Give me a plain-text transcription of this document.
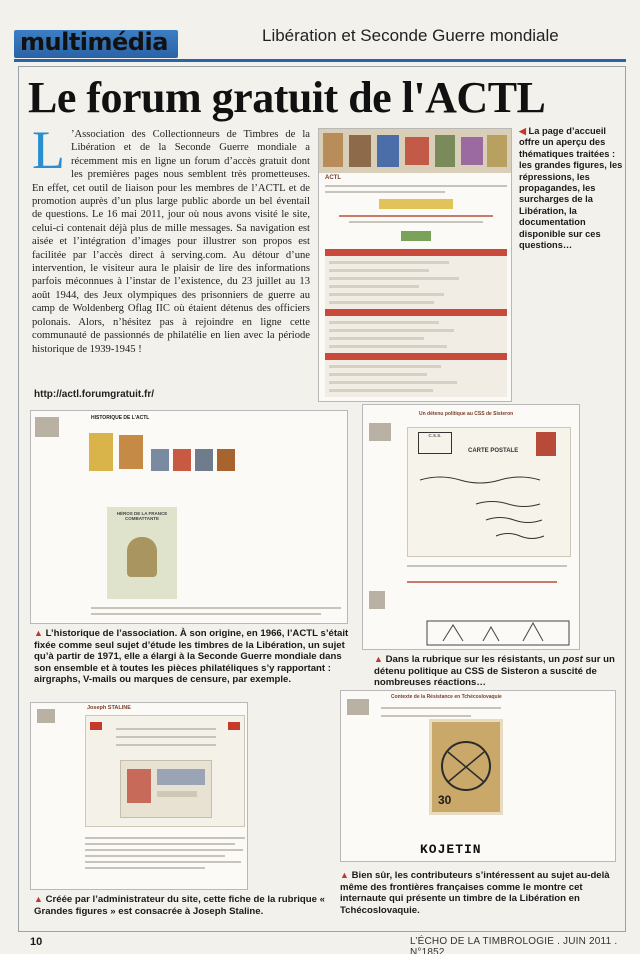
multimédia	Libération et Seconde Guerre mondiale
Le forum gratuit de l'ACTL
L ’Association des Collectionneurs de Timbres de la Libération et de la Seconde Guerre mondiale a récemment mis en ligne un forum d’accès gratuit dont les premières pages nous semblent très prometteuses. En effet, cet outil de liaison pour les membres de l’ACTL et de promotion auprès d’un plus large public aborde un bel éventail de questions. Le 16 mai 2011, jour où nous avons visité le site, celui-ci contenait déjà plus de mille messages. Sa navigation est aisée et l’intégration d’images pour illustrer son propos est facilitée par l’accès direct à serving.com. Au détour d’une intervention, le visiteur aura le plaisir de lire des informations parfois méconnues à l’instar de l’existence, du 23 juillet au 13 août 1944, des Jeux olympiques des prisonniers de guerre au camp de Woldenberg Oflag IIC où étaient détenus des officiers polonais. Alors, n’hésitez pas à rejoindre en ligne cette communauté de passionnés de philatélie en lien avec la période historique de 1939-1945 !
http://actl.forumgratuit.fr/
ACTL
◀ La page d’accueil offre un aperçu des thématiques traitées : les grandes figures, les répressions, les propagandes, les surcharges de la Libération, la documentation disponible sur ces questions…
HISTORIQUE DE L'ACTL
HÉROS DE LA FRANCE COMBATTANTE
▲ L’historique de l’association. À son origine, en 1966, l’ACTL s’était fixée comme seul sujet d’étude les timbres de la Libération, un sujet qu’à partir de 1971, elle a élargi à la Seconde Guerre mondiale dans son ensemble et à toutes les pièces philatéliques s’y rapportant : airgraphs, V-mails ou marques de censure, par exemple.
Un détenu politique au CSS de Sisteron
C.S.S.
CARTE POSTALE
▲ Dans la rubrique sur les résistants, un post sur un détenu politique au CSS de Sisteron a suscité de nombreuses réactions…
Joseph STALINE
▲ Créée par l’administrateur du site, cette fiche de la rubrique « Grandes figures » est consacrée à Joseph Staline.
Contexte de la Résistance en Tchécoslovaquie
30
KOJETIN
▲ Bien sûr, les contributeurs s’intéressent au sujet au-delà même des frontières françaises comme le montre cet internaute qui présente un timbre de la Libération en Tchécoslovaquie.
10	L’ÉCHO DE LA TIMBROLOGIE . JUIN 2011 . N°1852
